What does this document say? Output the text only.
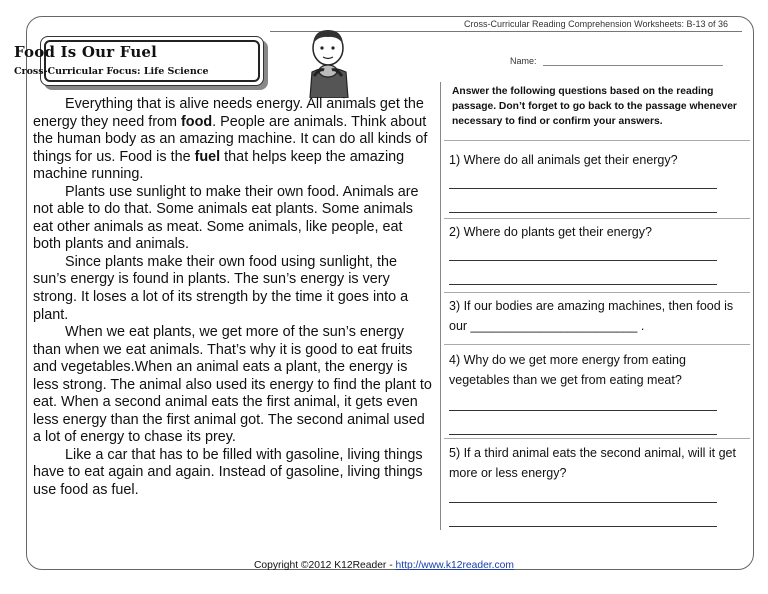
Cross-Curricular Reading Comprehension Worksheets: B-13 of 36
Food Is Our Fuel
Cross-Curricular Focus: Life Science
Name:

Everything that is alive needs energy. All animals get the energy they need from food. People are animals. Think about the human body as an amazing machine. It can do all kinds of things for us. Food is the fuel that helps keep the amazing machine running.

Plants use sunlight to make their own food. Animals are not able to do that. Some animals eat plants. Some animals eat other animals as meat. Some animals, like people, eat both plants and animals.

Since plants make their own food using sunlight, the sun’s energy is found in plants. The sun’s energy is very strong. It loses a lot of its strength by the time it goes into a plant.

When we eat plants, we get more of the sun’s energy than when we eat animals. That’s why it is good to eat fruits and vegetables.When an animal eats a plant, the energy is less strong. The animal also used its energy to find the plant to eat. When a second animal eats the first animal, it gets even less energy than the first animal got. The second animal used a lot of energy to chase its prey.

Like a car that has to be filled with gasoline, living things have to eat again and again. Instead of gasoline, living things use food as fuel.

Answer the following questions based on the reading passage. Don’t forget to go back to the passage whenever necessary to find or confirm your answers.
1) Where do all animals get their energy?
2) Where do plants get their energy?
3) If our bodies are amazing machines, then food is our ________________________ .
4) Why do we get more energy from eating vegetables than we get from eating meat?
5) If a third animal eats the second animal, will it get more or less energy?
Copyright ©2012 K12Reader - http://www.k12reader.com
